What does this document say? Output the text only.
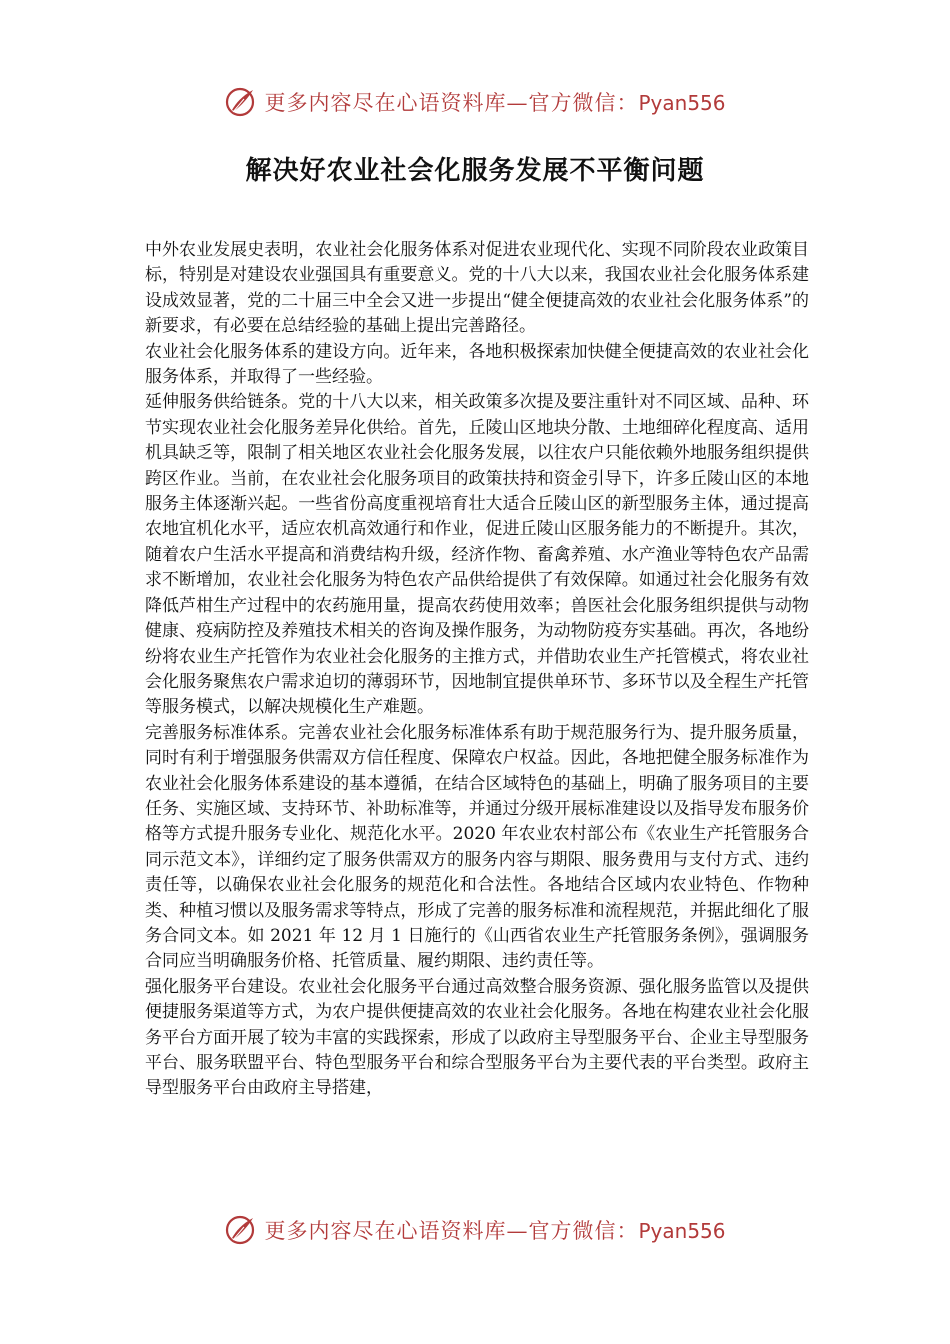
更多内容尽在心语资料库—官方微信：Pyan556
解决好农业社会化服务发展不平衡问题

中外农业发展史表明，农业社会化服务体系对促进农业现代化、实现不同阶段农业政策目标，特别是对建设农业强国具有重要意义。党的十八大以来，我国农业社会化服务体系建设成效显著，党的二十届三中全会又进一步提出“健全便捷高效的农业社会化服务体系”的新要求，有必要在总结经验的基础上提出完善路径。

农业社会化服务体系的建设方向。近年来，各地积极探索加快健全便捷高效的农业社会化服务体系，并取得了一些经验。

延伸服务供给链条。党的十八大以来，相关政策多次提及要注重针对不同区域、品种、环节实现农业社会化服务差异化供给。首先，丘陵山区地块分散、土地细碎化程度高、适用机具缺乏等，限制了相关地区农业社会化服务发展，以往农户只能依赖外地服务组织提供跨区作业。当前，在农业社会化服务项目的政策扶持和资金引导下，许多丘陵山区的本地服务主体逐渐兴起。一些省份高度重视培育壮大适合丘陵山区的新型服务主体，通过提高农地宜机化水平，适应农机高效通行和作业，促进丘陵山区服务能力的不断提升。其次，随着农户生活水平提高和消费结构升级，经济作物、畜禽养殖、水产渔业等特色农产品需求不断增加，农业社会化服务为特色农产品供给提供了有效保障。如通过社会化服务有效降低芦柑生产过程中的农药施用量，提高农药使用效率；兽医社会化服务组织提供与动物健康、疫病防控及养殖技术相关的咨询及操作服务，为动物防疫夯实基础。再次，各地纷纷将农业生产托管作为农业社会化服务的主推方式，并借助农业生产托管模式，将农业社会化服务聚焦农户需求迫切的薄弱环节，因地制宜提供单环节、多环节以及全程生产托管等服务模式，以解决规模化生产难题。

完善服务标准体系。完善农业社会化服务标准体系有助于规范服务行为、提升服务质量，同时有利于增强服务供需双方信任程度、保障农户权益。因此，各地把健全服务标准作为农业社会化服务体系建设的基本遵循，在结合区域特色的基础上，明确了服务项目的主要任务、实施区域、支持环节、补助标准等，并通过分级开展标准建设以及指导发布服务价格等方式提升服务专业化、规范化水平。2020 年农业农村部公布《农业生产托管服务合同示范文本》，详细约定了服务供需双方的服务内容与期限、服务费用与支付方式、违约责任等，以确保农业社会化服务的规范化和合法性。各地结合区域内农业特色、作物种类、种植习惯以及服务需求等特点，形成了完善的服务标准和流程规范，并据此细化了服务合同文本。如 2021 年 12 月 1 日施行的《山西省农业生产托管服务条例》，强调服务合同应当明确服务价格、托管质量、履约期限、违约责任等。

强化服务平台建设。农业社会化服务平台通过高效整合服务资源、强化服务监管以及提供便捷服务渠道等方式，为农户提供便捷高效的农业社会化服务。各地在构建农业社会化服务平台方面开展了较为丰富的实践探索，形成了以政府主导型服务平台、企业主导型服务平台、服务联盟平台、特色型服务平台和综合型服务平台为主要代表的平台类型。政府主导型服务平台由政府主导搭建，

更多内容尽在心语资料库—官方微信：Pyan556
